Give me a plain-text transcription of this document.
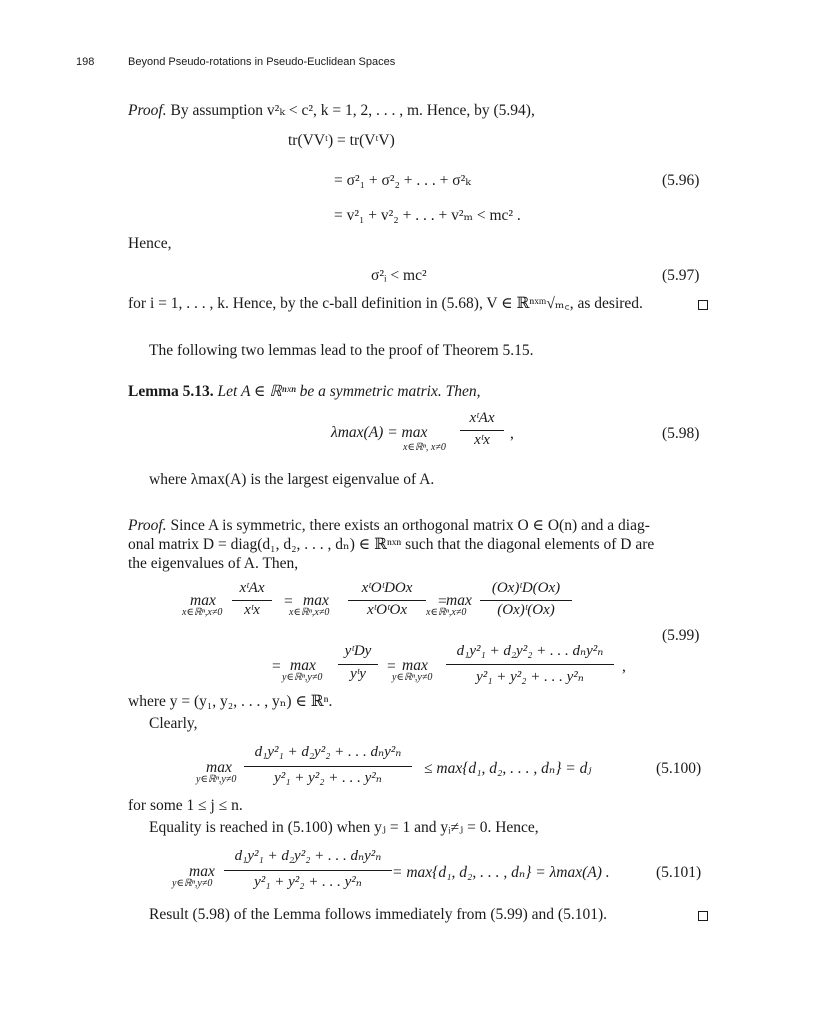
198	Beyond Pseudo-rotations in Pseudo-Euclidean Spaces
Proof. By assumption v²ₖ < c², k = 1, 2, . . . , m. Hence, by (5.94),
tr(VVᵗ) = tr(VᵗV)
= σ²₁ + σ²₂ + . . . + σ²ₖ	(5.96)
= v²₁ + v²₂ + . . . + v²ₘ < mc² .
Hence,
σ²ᵢ < mc²	(5.97)
for i = 1, . . . , k. Hence, by the c-ball definition in (5.68), V ∈ ℝⁿˣᵐ√ₘ꜀, as desired.
The following two lemmas lead to the proof of Theorem 5.15.
Lemma 5.13. Let A ∈ ℝⁿˣⁿ be a symmetric matrix. Then,
λmax(A) = max
x∈ℝⁿ, x≠0
xᵗAx
xᵗx	,	(5.98)
where λmax(A) is the largest eigenvalue of A.
Proof. Since A is symmetric, there exists an orthogonal matrix O ∈ O(n) and a diag-
onal matrix D = diag(d₁, d₂, . . . , dₙ) ∈ ℝⁿˣⁿ such that the diagonal elements of D are
the eigenvalues of A. Then,
max
x∈ℝⁿ,x≠0
xᵗAx
xᵗx	= max
x∈ℝⁿ,x≠0
xᵗOᵗDOx
xᵗOᵗOx	= max
x∈ℝⁿ,x≠0
(Ox)ᵗD(Ox)
(Ox)ᵗ(Ox)
(5.99)
= max
y∈ℝⁿ,y≠0
yᵗDy
yᵗy	= max
y∈ℝⁿ,y≠0
d₁y²₁ + d₂y²₂ + . . . dₙy²ₙ
y²₁ + y²₂ + . . . y²ₙ
,
where y = (y₁, y₂, . . . , yₙ) ∈ ℝⁿ.
Clearly,
max
y∈ℝⁿ,y≠0
d₁y²₁ + d₂y²₂ + . . . dₙy²ₙ
y²₁ + y²₂ + . . . y²ₙ
≤ max{d₁, d₂, . . . , dₙ} = dⱼ	(5.100)
for some 1 ≤ j ≤ n.
Equality is reached in (5.100) when yⱼ = 1 and yᵢ≠ⱼ = 0. Hence,
max
y∈ℝⁿ,y≠0
d₁y²₁ + d₂y²₂ + . . . dₙy²ₙ
y²₁ + y²₂ + . . . y²ₙ
= max{d₁, d₂, . . . , dₙ} = λmax(A) .	(5.101)
Result (5.98) of the Lemma follows immediately from (5.99) and (5.101).
